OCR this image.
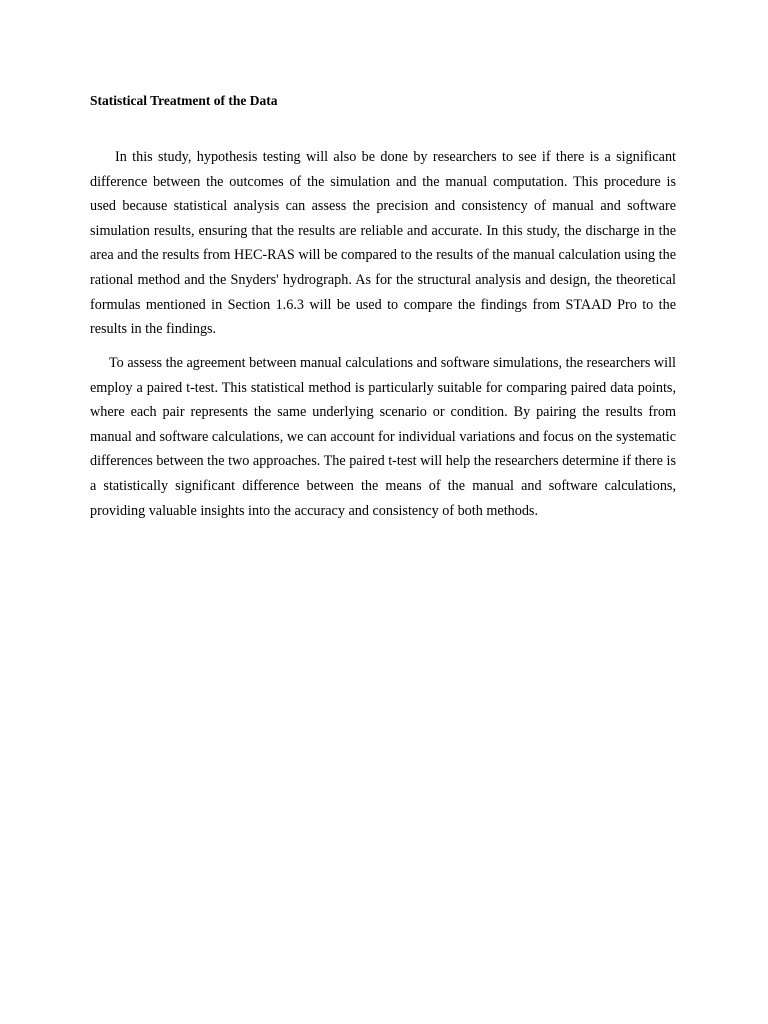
Statistical Treatment of the Data

In this study, hypothesis testing will also be done by researchers to see if there is a significant difference between the outcomes of the simulation and the manual computation. This procedure is used because statistical analysis can assess the precision and consistency of manual and software simulation results, ensuring that the results are reliable and accurate. In this study, the discharge in the area and the results from HEC-RAS will be compared to the results of the manual calculation using the rational method and the Snyders' hydrograph. As for the structural analysis and design, the theoretical formulas mentioned in Section 1.6.3 will be used to compare the findings from STAAD Pro to the results in the findings.

To assess the agreement between manual calculations and software simulations, the researchers will employ a paired t-test. This statistical method is particularly suitable for comparing paired data points, where each pair represents the same underlying scenario or condition. By pairing the results from manual and software calculations, we can account for individual variations and focus on the systematic differences between the two approaches. The paired t-test will help the researchers determine if there is a statistically significant difference between the means of the manual and software calculations, providing valuable insights into the accuracy and consistency of both methods.
